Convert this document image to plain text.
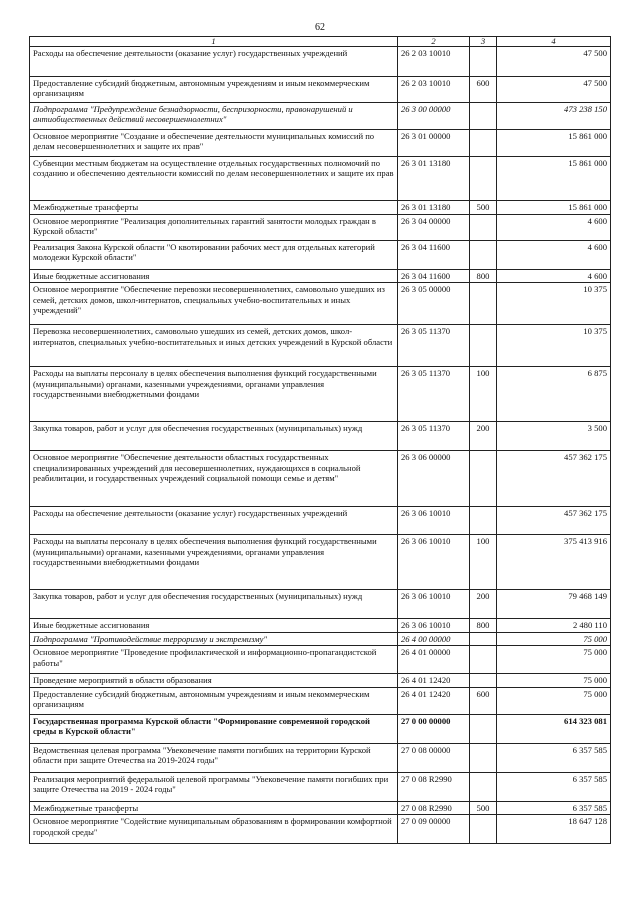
62
1	2	3	4
Расходы на обеспечение деятельности (оказание услуг) государственных учреждений	26 2 03 10010		47 500
Предоставление субсидий бюджетным, автономным учреждениям и иным некоммерческим организациям	26 2 03 10010	600	47 500
Подпрограмма "Предупреждение безнадзорности, беспризорности, правонарушений и антиобщественных действий несовершеннолетних"	26 3 00 00000		473 238 150
Основное мероприятие "Создание и обеспечение деятельности муниципальных комиссий по делам несовершеннолетних и защите их прав"	26 3 01 00000		15 861 000
Субвенции местным бюджетам на осуществление отдельных государственных полномочий по созданию и обеспечению деятельности комиссий по делам несовершеннолетних и защите их прав	26 3 01 13180		15 861 000
Межбюджетные трансферты	26 3 01 13180	500	15 861 000
Основное мероприятие "Реализация дополнительных гарантий занятости молодых граждан в Курской области"	26 3 04 00000		4 600
Реализация Закона Курской области "О квотировании рабочих мест для отдельных категорий молодежи Курской области"	26 3 04 11600		4 600
Иные бюджетные ассигнования	26 3 04 11600	800	4 600
Основное мероприятие "Обеспечение перевозки несовершеннолетних, самовольно ушедших из семей, детских домов, школ-интернатов, специальных учебно-воспитательных и иных учреждений"	26 3 05 00000		10 375
Перевозка несовершеннолетних, самовольно ушедших из семей, детских домов, школ-интернатов, специальных учебно-воспитательных и иных детских учреждений в Курской области	26 3 05 11370		10 375
Расходы на выплаты персоналу в целях обеспечения выполнения функций государственными (муниципальными) органами, казенными учреждениями, органами управления государственными внебюджетными фондами	26 3 05 11370	100	6 875
Закупка товаров, работ и услуг для обеспечения государственных (муниципальных) нужд	26 3 05 11370	200	3 500
Основное мероприятие "Обеспечение деятельности областных государственных специализированных учреждений для несовершеннолетних, нуждающихся в социальной реабилитации, и государственных учреждений социальной помощи семье и детям"	26 3 06 00000		457 362 175
Расходы на обеспечение деятельности (оказание услуг) государственных учреждений	26 3 06 10010		457 362 175
Расходы на выплаты персоналу в целях обеспечения выполнения функций государственными (муниципальными) органами, казенными учреждениями, органами управления государственными внебюджетными фондами	26 3 06 10010	100	375 413 916
Закупка товаров, работ и услуг для обеспечения государственных (муниципальных) нужд	26 3 06 10010	200	79 468 149
Иные бюджетные ассигнования	26 3 06 10010	800	2 480 110
Подпрограмма "Противодействие терроризму и экстремизму"	26 4 00 00000		75 000
Основное мероприятие "Проведение профилактической и информационно-пропагандистской работы"	26 4 01 00000		75 000
Проведение мероприятий в области образования	26 4 01 12420		75 000
Предоставление субсидий бюджетным, автономным учреждениям и иным некоммерческим организациям	26 4 01 12420	600	75 000
Государственная программа Курской области "Формирование современной городской среды в Курской области"	27 0 00 00000		614 323 081
Ведомственная целевая программа "Увековечение памяти погибших на территории Курской области при защите Отечества на 2019-2024 годы"	27 0 08 00000		6 357 585
Реализация мероприятий федеральной целевой программы "Увековечение памяти погибших при защите Отечества на 2019 - 2024 годы"	27 0 08 R2990		6 357 585
Межбюджетные трансферты	27 0 08 R2990	500	6 357 585
Основное мероприятие "Содействие муниципальным образованиям в формировании комфортной городской среды"	27 0 09 00000		18 647 128
